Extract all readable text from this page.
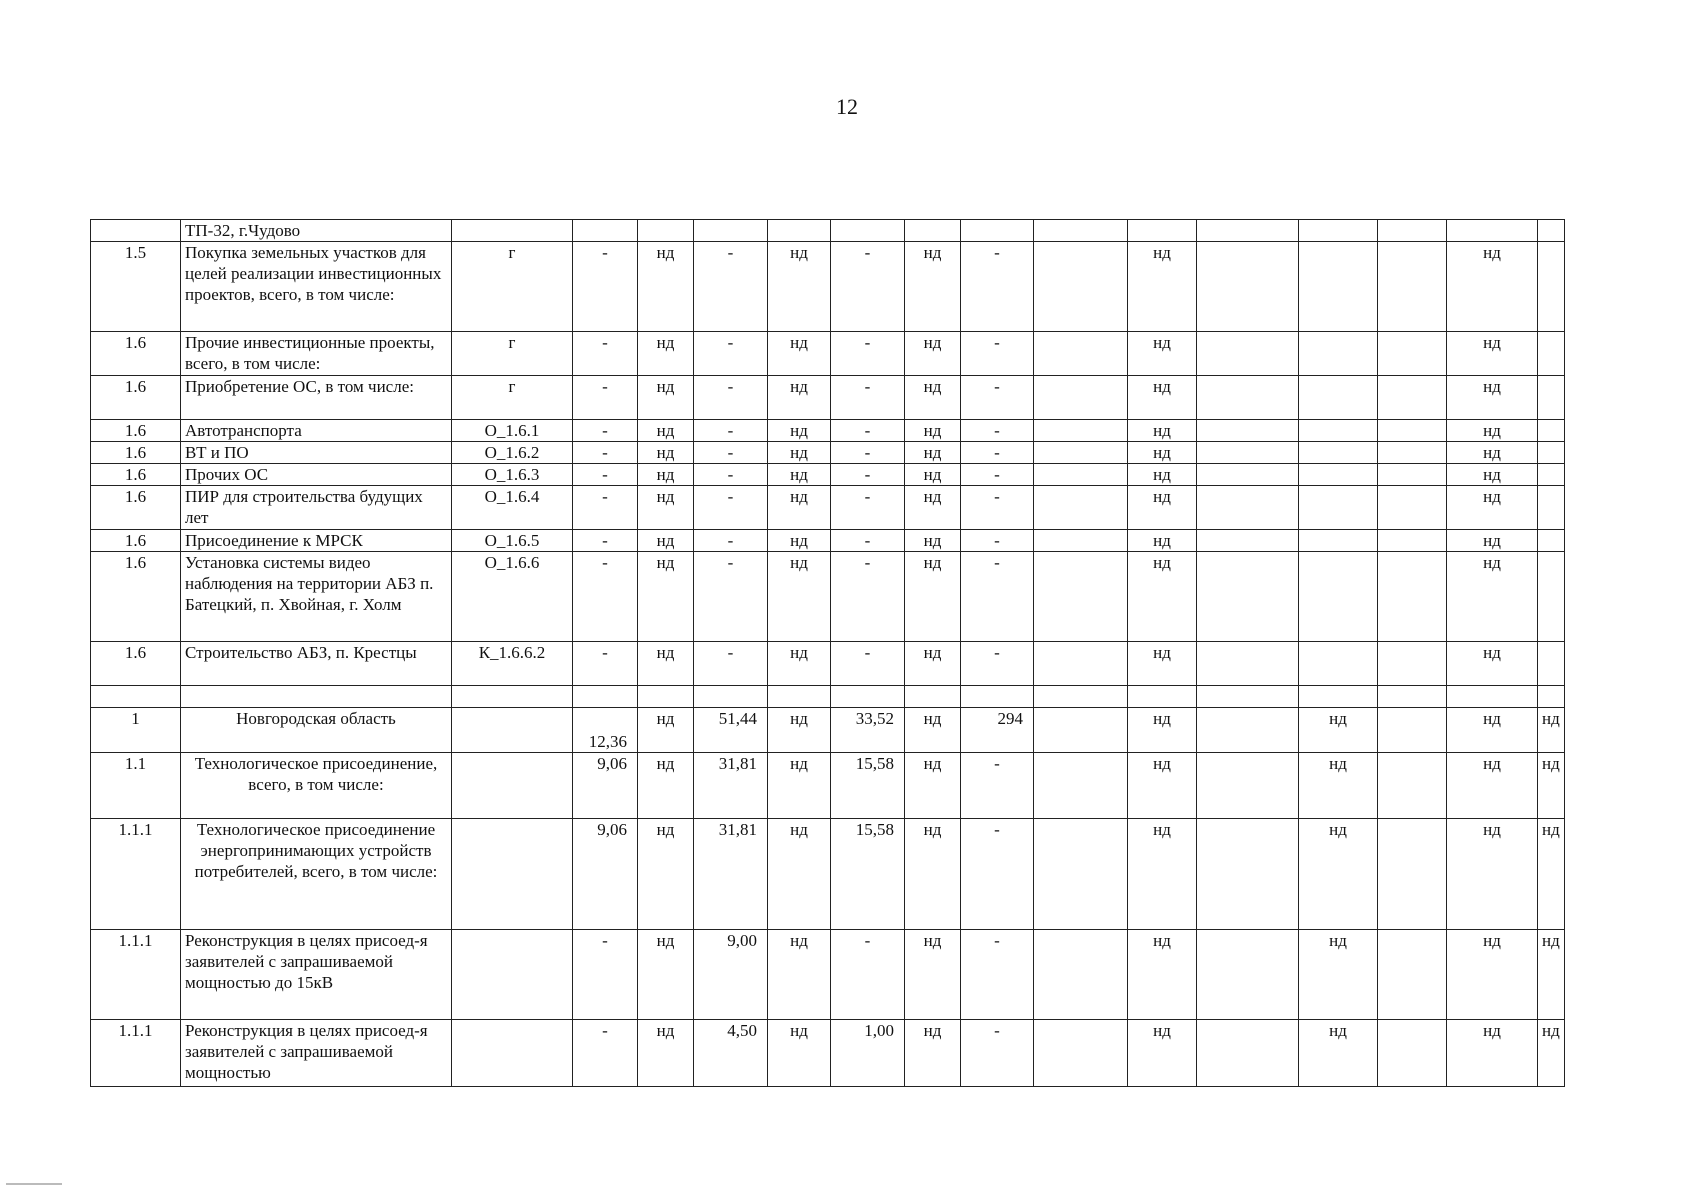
12
	ТП-32, г.Чудово															
1.5	Покупка земельных участков для целей реализации инвестиционных проектов, всего, в том числе:	г	-	нд	-	нд	-	нд	-		нд				нд	
1.6	Прочие инвестиционные проекты, всего, в том числе:	г	-	нд	-	нд	-	нд	-		нд				нд	
1.6	Приобретение ОС, в том числе:	г	-	нд	-	нд	-	нд	-		нд				нд	
1.6	Автотранспорта	О_1.6.1	-	нд	-	нд	-	нд	-		нд				нд	
1.6	ВТ и ПО	О_1.6.2	-	нд	-	нд	-	нд	-		нд				нд	
1.6	Прочих ОС	О_1.6.3	-	нд	-	нд	-	нд	-		нд				нд	
1.6	ПИР для строительства будущих лет	О_1.6.4	-	нд	-	нд	-	нд	-		нд				нд	
1.6	Присоединение к МРСК	О_1.6.5	-	нд	-	нд	-	нд	-		нд				нд	
1.6	Установка системы видео наблюдения на территории АБЗ п. Батецкий, п. Хвойная, г. Холм	О_1.6.6	-	нд	-	нд	-	нд	-		нд				нд	
1.6	Строительство АБЗ, п. Крестцы	К_1.6.6.2	-	нд	-	нд	-	нд	-		нд				нд	

1	Новгородская область		12,36	нд	51,44	нд	33,52	нд	294		нд		нд		нд	нд
1.1	Технологическое присоединение, всего, в том числе:		9,06	нд	31,81	нд	15,58	нд	-		нд		нд		нд	нд
1.1.1	Технологическое присоединение энергопринимающих устройств потребителей, всего, в том числе:		9,06	нд	31,81	нд	15,58	нд	-		нд		нд		нд	нд
1.1.1	Реконструкция в целях присоед-я заявителей с запрашиваемой мощностью до 15кВ		-	нд	9,00	нд	-	нд	-		нд		нд		нд	нд
1.1.1	Реконструкция в целях присоед-я заявителей с запрашиваемой мощностью		-	нд	4,50	нд	1,00	нд	-		нд		нд		нд	нд
